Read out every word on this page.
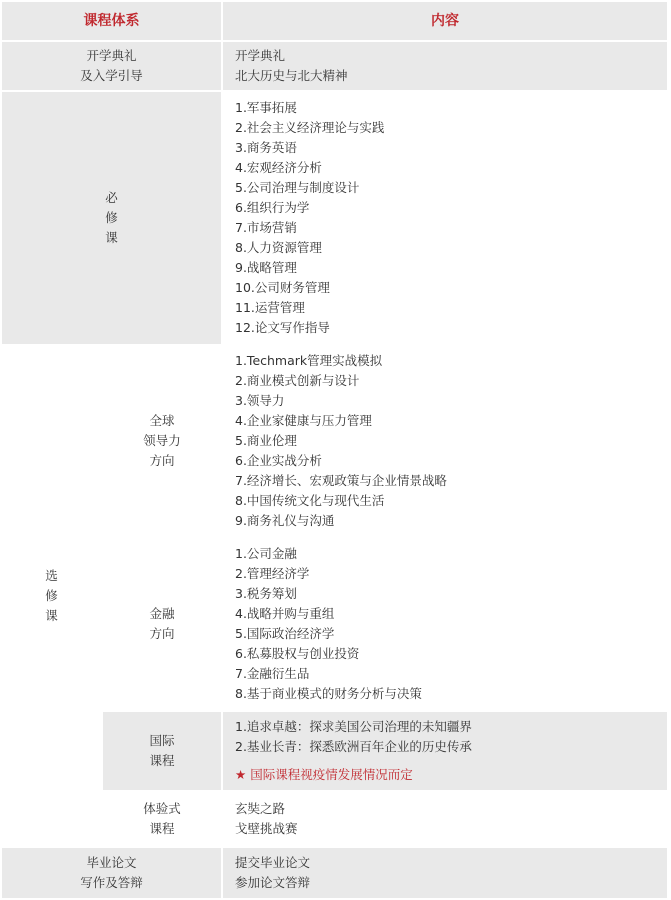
课程体系	内容
开学典礼
及入学引导
开学典礼
北大历史与北大精神
必
修
课
1.军事拓展
2.社会主义经济理论与实践
3.商务英语
4.宏观经济分析
5.公司治理与制度设计
6.组织行为学
7.市场营销
8.人力资源管理
9.战略管理
10.公司财务管理
11.运营管理
12.论文写作指导
选
修
课
全球
领导力
方向
1.Techmark管理实战模拟
2.商业模式创新与设计
3.领导力
4.企业家健康与压力管理
5.商业伦理
6.企业实战分析
7.经济增长、宏观政策与企业情景战略
8.中国传统文化与现代生活
9.商务礼仪与沟通
金融
方向
1.公司金融
2.管理经济学
3.税务筹划
4.战略并购与重组
5.国际政治经济学
6.私募股权与创业投资
7.金融衍生品
8.基于商业模式的财务分析与决策
国际
课程
1.追求卓越：探求美国公司治理的未知疆界
2.基业长青：探悉欧洲百年企业的历史传承
★ 国际课程视疫情发展情况而定
体验式
课程
玄奘之路
戈壁挑战赛
毕业论文
写作及答辩
提交毕业论文
参加论文答辩
